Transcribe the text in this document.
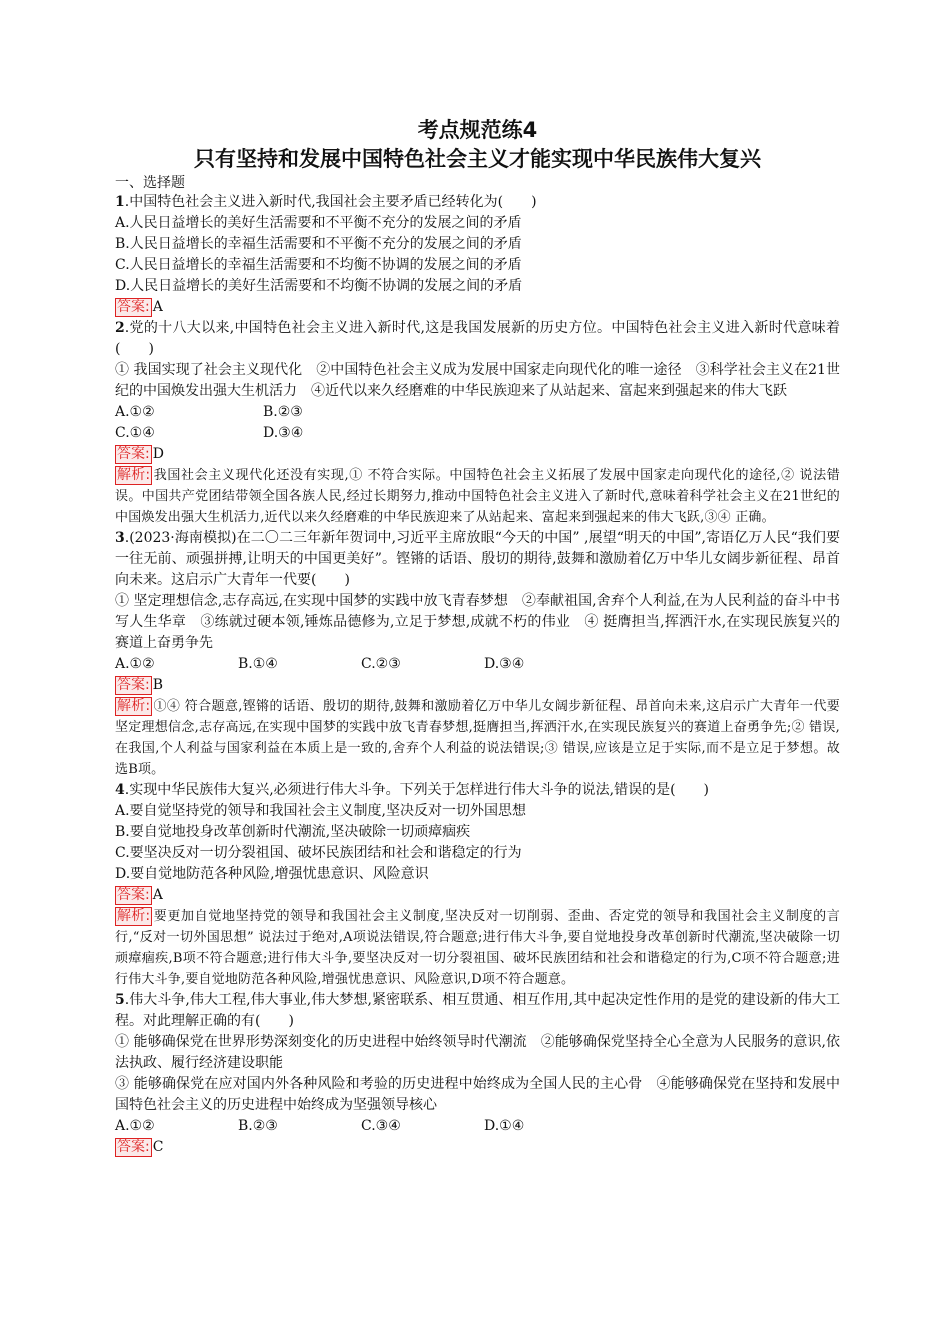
考点规范练4
只有坚持和发展中国特色社会主义才能实现中华民族伟大复兴
一、选择题

1.中国特色社会主义进入新时代,我国社会主要矛盾已经转化为(　　)

A.人民日益增长的美好生活需要和不平衡不充分的发展之间的矛盾

B.人民日益增长的幸福生活需要和不平衡不充分的发展之间的矛盾

C.人民日益增长的幸福生活需要和不均衡不协调的发展之间的矛盾

D.人民日益增长的美好生活需要和不均衡不协调的发展之间的矛盾

答案: A

2.党的十八大以来,中国特色社会主义进入新时代,这是我国发展新的历史方位。中国特色社会主义进入新时代意味着(　　)

① 我国实现了社会主义现代化　②中国特色社会主义成为发展中国家走向现代化的唯一途径　③科学社会主义在21世纪的中国焕发出强大生机活力　④近代以来久经磨难的中华民族迎来了从站起来、富起来到强起来的伟大飞跃

A.①②	B.②③

C.①④	D.③④

答案: D

解析: 我国社会主义现代化还没有实现,① 不符合实际。中国特色社会主义拓展了发展中国家走向现代化的途径,② 说法错误。中国共产党团结带领全国各族人民,经过长期努力,推动中国特色社会主义进入了新时代,意味着科学社会主义在21世纪的中国焕发出强大生机活力,近代以来久经磨难的中华民族迎来了从站起来、富起来到强起来的伟大飞跃,③④ 正确。

3.(2023·海南模拟)在二〇二三年新年贺词中,习近平主席放眼“今天的中国” ,展望“明天的中国”,寄语亿万人民“我们要一往无前、顽强拼搏,让明天的中国更美好”。铿锵的话语、殷切的期待,鼓舞和激励着亿万中华儿女阔步新征程、昂首向未来。这启示广大青年一代要(　　)

① 坚定理想信念,志存高远,在实现中国梦的实践中放飞青春梦想　②奉献祖国,舍弃个人利益,在为人民利益的奋斗中书写人生华章　③练就过硬本领,锤炼品德修为,立足于梦想,成就不朽的伟业　④ 挺膺担当,挥洒汗水,在实现民族复兴的赛道上奋勇争先

A.①②	B.①④	C.②③	D.③④

答案: B

解析: ①④ 符合题意,铿锵的话语、殷切的期待,鼓舞和激励着亿万中华儿女阔步新征程、昂首向未来,这启示广大青年一代要坚定理想信念,志存高远,在实现中国梦的实践中放飞青春梦想,挺膺担当,挥洒汗水,在实现民族复兴的赛道上奋勇争先;② 错误,在我国,个人利益与国家利益在本质上是一致的,舍弃个人利益的说法错误;③ 错误,应该是立足于实际,而不是立足于梦想。故选B项。

4.实现中华民族伟大复兴,必须进行伟大斗争。下列关于怎样进行伟大斗争的说法,错误的是(　　)

A.要自觉坚持党的领导和我国社会主义制度,坚决反对一切外国思想

B.要自觉地投身改革创新时代潮流,坚决破除一切顽瘴痼疾

C.要坚决反对一切分裂祖国、破坏民族团结和社会和谐稳定的行为

D.要自觉地防范各种风险,增强忧患意识、风险意识

答案: A

解析: 要更加自觉地坚持党的领导和我国社会主义制度,坚决反对一切削弱、歪曲、否定党的领导和我国社会主义制度的言行,“反对一切外国思想” 说法过于绝对,A项说法错误,符合题意;进行伟大斗争,要自觉地投身改革创新时代潮流,坚决破除一切顽瘴痼疾,B项不符合题意;进行伟大斗争,要坚决反对一切分裂祖国、破坏民族团结和社会和谐稳定的行为,C项不符合题意;进行伟大斗争,要自觉地防范各种风险,增强忧患意识、风险意识,D项不符合题意。

5.伟大斗争,伟大工程,伟大事业,伟大梦想,紧密联系、相互贯通、相互作用,其中起决定性作用的是党的建设新的伟大工程。对此理解正确的有(　　)

① 能够确保党在世界形势深刻变化的历史进程中始终领导时代潮流　②能够确保党坚持全心全意为人民服务的意识,依法执政、履行经济建设职能

③ 能够确保党在应对国内外各种风险和考验的历史进程中始终成为全国人民的主心骨　④能够确保党在坚持和发展中国特色社会主义的历史进程中始终成为坚强领导核心

A.①②	B.②③	C.③④	D.①④

答案: C
